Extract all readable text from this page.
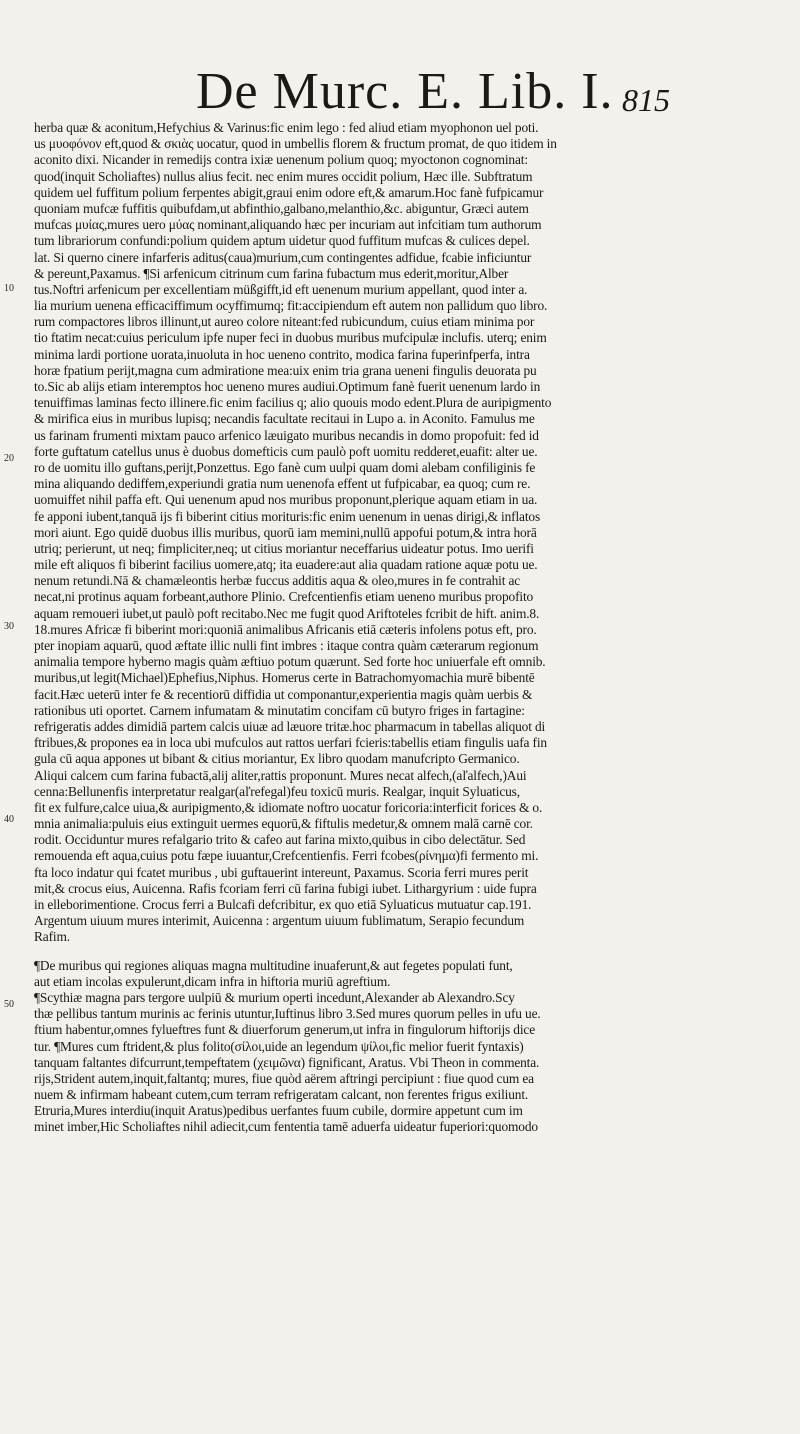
De Murc. E. Lib. I. 815
10
20
30
40
50
herba quæ & aconitum,Hefychius & Varinus:fic enim lego : fed aliud etiam myophonon uel poti.
us μυοφόνον eft,quod & σκιὰς uocatur, quod in umbellis florem & fructum promat, de quo itidem in
aconito dixi. Nicander in remedijs contra ixiæ uenenum polium quoq; myoctonon cognominat:
quod(inquit Scholiaftes) nullus alius fecit. nec enim mures occidit polium, Hæc ille. Subftratum
quidem uel fuffitum polium ferpentes abigit,graui enim odore eft,& amarum.Hoc fanè fufpicamur
quoniam mufcæ fuffitis quibufdam,ut abfinthio,galbano,melanthio,&c. abiguntur, Græci autem
mufcas μυίας,mures uero μύας nominant,aliquando hæc per incuriam aut infcitiam tum authorum
tum librariorum confundi:polium quidem aptum uidetur quod fuffitum mufcas & culices depel.
lat. Si querno cinere infarferis aditus(caua)murium,cum contingentes adfidue, fcabie inficiuntur
& pereunt,Paxamus. ¶Si arfenicum citrinum cum farina fubactum mus ederit,moritur,Alber
tus.Noftri arfenicum per excellentiam müßgifft,id eft uenenum murium appellant, quod inter a.
lia murium uenena efficaciffimum ocyffimumq; fit:accipiendum eft autem non pallidum quo libro.
rum compactores libros illinunt,ut aureo colore niteant:fed rubicundum, cuius etiam minima por
tio ftatim necat:cuius periculum ipfe nuper feci in duobus muribus mufcipulæ inclufis. uterq; enim
minima lardi portione uorata,inuoluta in hoc ueneno contrito, modica farina fuperinfperfa, intra
horæ fpatium perijt,magna cum admiratione mea:uix enim tria grana ueneni fingulis deuorata pu
to.Sic ab alijs etiam interemptos hoc ueneno mures audiui.Optimum fanè fuerit uenenum lardo in
tenuiffimas laminas fecto illinere.fic enim facilius q; alio quouis modo edent.Plura de auripigmento
& mirifica eius in muribus lupisq; necandis facultate recitaui in Lupo a. in Aconito. Famulus me
us farinam frumenti mixtam pauco arfenico læuigato muribus necandis in domo propofuit: fed id
forte guftatum catellus unus è duobus domefticis cum paulò poft uomitu redderet,euafit: alter ue.
ro de uomitu illo guftans,perijt,Ponzettus. Ego fanè cum uulpi quam domi alebam confiliginis fe
mina aliquando dediffem,experiundi gratia num uenenofa effent ut fufpicabar, ea quoq; cum re.
uomuiffet nihil paffa eft. Qui uenenum apud nos muribus proponunt,plerique aquam etiam in ua.
fe apponi iubent,tanquā ijs fi biberint citius morituris:fic enim uenenum in uenas dirigi,& inflatos
mori aiunt. Ego quidē duobus illis muribus, quorū iam memini,nullū appofui potum,& intra horā
utriq; perierunt, ut neq; fimpliciter,neq; ut citius moriantur neceffarius uideatur potus. Imo uerifi
mile eft aliquos fi biberint facilius uomere,atq; ita euadere:aut alia quadam ratione aquæ potu ue.
nenum retundi.Nā & chamæleontis herbæ fuccus additis aqua & oleo,mures in fe contrahit ac
necat,ni protinus aquam forbeant,authore Plinio. Crefcentienfis etiam ueneno muribus propofito
aquam remoueri iubet,ut paulò poft recitabo.Nec me fugit quod Ariftoteles fcribit de hift. anim.8.
18.mures Africæ fi biberint mori:quoniā animalibus Africanis etiā cæteris infolens potus eft, pro.
pter inopiam aquarū, quod æftate illic nulli fint imbres : itaque contra quàm cæterarum regionum
animalia tempore hyberno magis quàm æftiuo potum quærunt. Sed forte hoc uniuerfale eft omnib.
muribus,ut legit(Michael)Ephefius,Niphus. Homerus certe in Batrachomyomachia murē bibentē
facit.Hæc ueterū inter fe & recentiorū diffidia ut componantur,experientia magis quàm uerbis &
rationibus uti oportet. Carnem infumatam & minutatim concifam cū butyro friges in fartagine:
refrigeratis addes dimidiā partem calcis uiuæ ad læuore tritæ.hoc pharmacum in tabellas aliquot di
ftribues,& propones ea in loca ubi mufculos aut rattos uerfari fcieris:tabellis etiam fingulis uafa fin
gula cū aqua appones ut bibant & citius moriantur, Ex libro quodam manufcripto Germanico.
Aliqui calcem cum farina fubactā,alij aliter,rattis proponunt. Mures necat alfech,(aľalfech,)Aui
cenna:Bellunenfis interpretatur realgar(aľrefegal)feu toxicū muris. Realgar, inquit Syluaticus,
fit ex fulfure,calce uiua,& auripigmento,& idiomate noftro uocatur foricoria:interficit forices & o.
mnia animalia:puluis eius extinguit uermes equorū,& fiftulis medetur,& omnem malā carnē cor.
rodit. Occiduntur mures refalgario trito & cafeo aut farina mixto,quibus in cibo delectātur. Sed
remouenda eft aqua,cuius potu fæpe iuuantur,Crefcentienfis. Ferri fcobes(ρίνημα)fi fermento mi.
fta loco indatur qui fcatet muribus , ubi guftauerint intereunt, Paxamus. Scoria ferri mures perit
mit,& crocus eius, Auicenna. Rafis fcoriam ferri cū farina fubigi iubet. Lithargyrium : uide fupra
in elleborimentione. Crocus ferri a Bulcafi defcribitur, ex quo etiā Syluaticus mutuatur cap.191.
Argentum uiuum mures interimit, Auicenna : argentum uiuum fublimatum, Serapio fecundum
Rafim.
¶De muribus qui regiones aliquas magna multitudine inuaferunt,& aut fegetes populati funt,
aut etiam incolas expulerunt,dicam infra in hiftoria muriū agreftium.
¶Scythiæ magna pars tergore uulpiū & murium operti incedunt,Alexander ab Alexandro.Scy
thæ pellibus tantum murinis ac ferinis utuntur,Iuftinus libro 3.Sed mures quorum pelles in ufu ue.
ftium habentur,omnes fylueftres funt & diuerforum generum,ut infra in fingulorum hiftorijs dice
tur. ¶Mures cum ftrident,& plus folito(σίλοι,uide an legendum ψίλοι,fic melior fuerit fyntaxis)
tanquam faltantes difcurrunt,tempeftatem (χειμῶνα) fignificant, Aratus. Vbi Theon in commenta.
rijs,Strident autem,inquit,faltantq; mures, fiue quòd aërem aftringi percipiunt : fiue quod cum ea
nuem & infirmam habeant cutem,cum terram refrigeratam calcant, non ferentes frigus exiliunt.
Etruria,Mures interdiu(inquit Aratus)pedibus uerfantes fuum cubile, dormire appetunt cum im
minet imber,Hic Scholiaftes nihil adiecit,cum fententia tamē aduerfa uideatur fuperiori:quomodo
